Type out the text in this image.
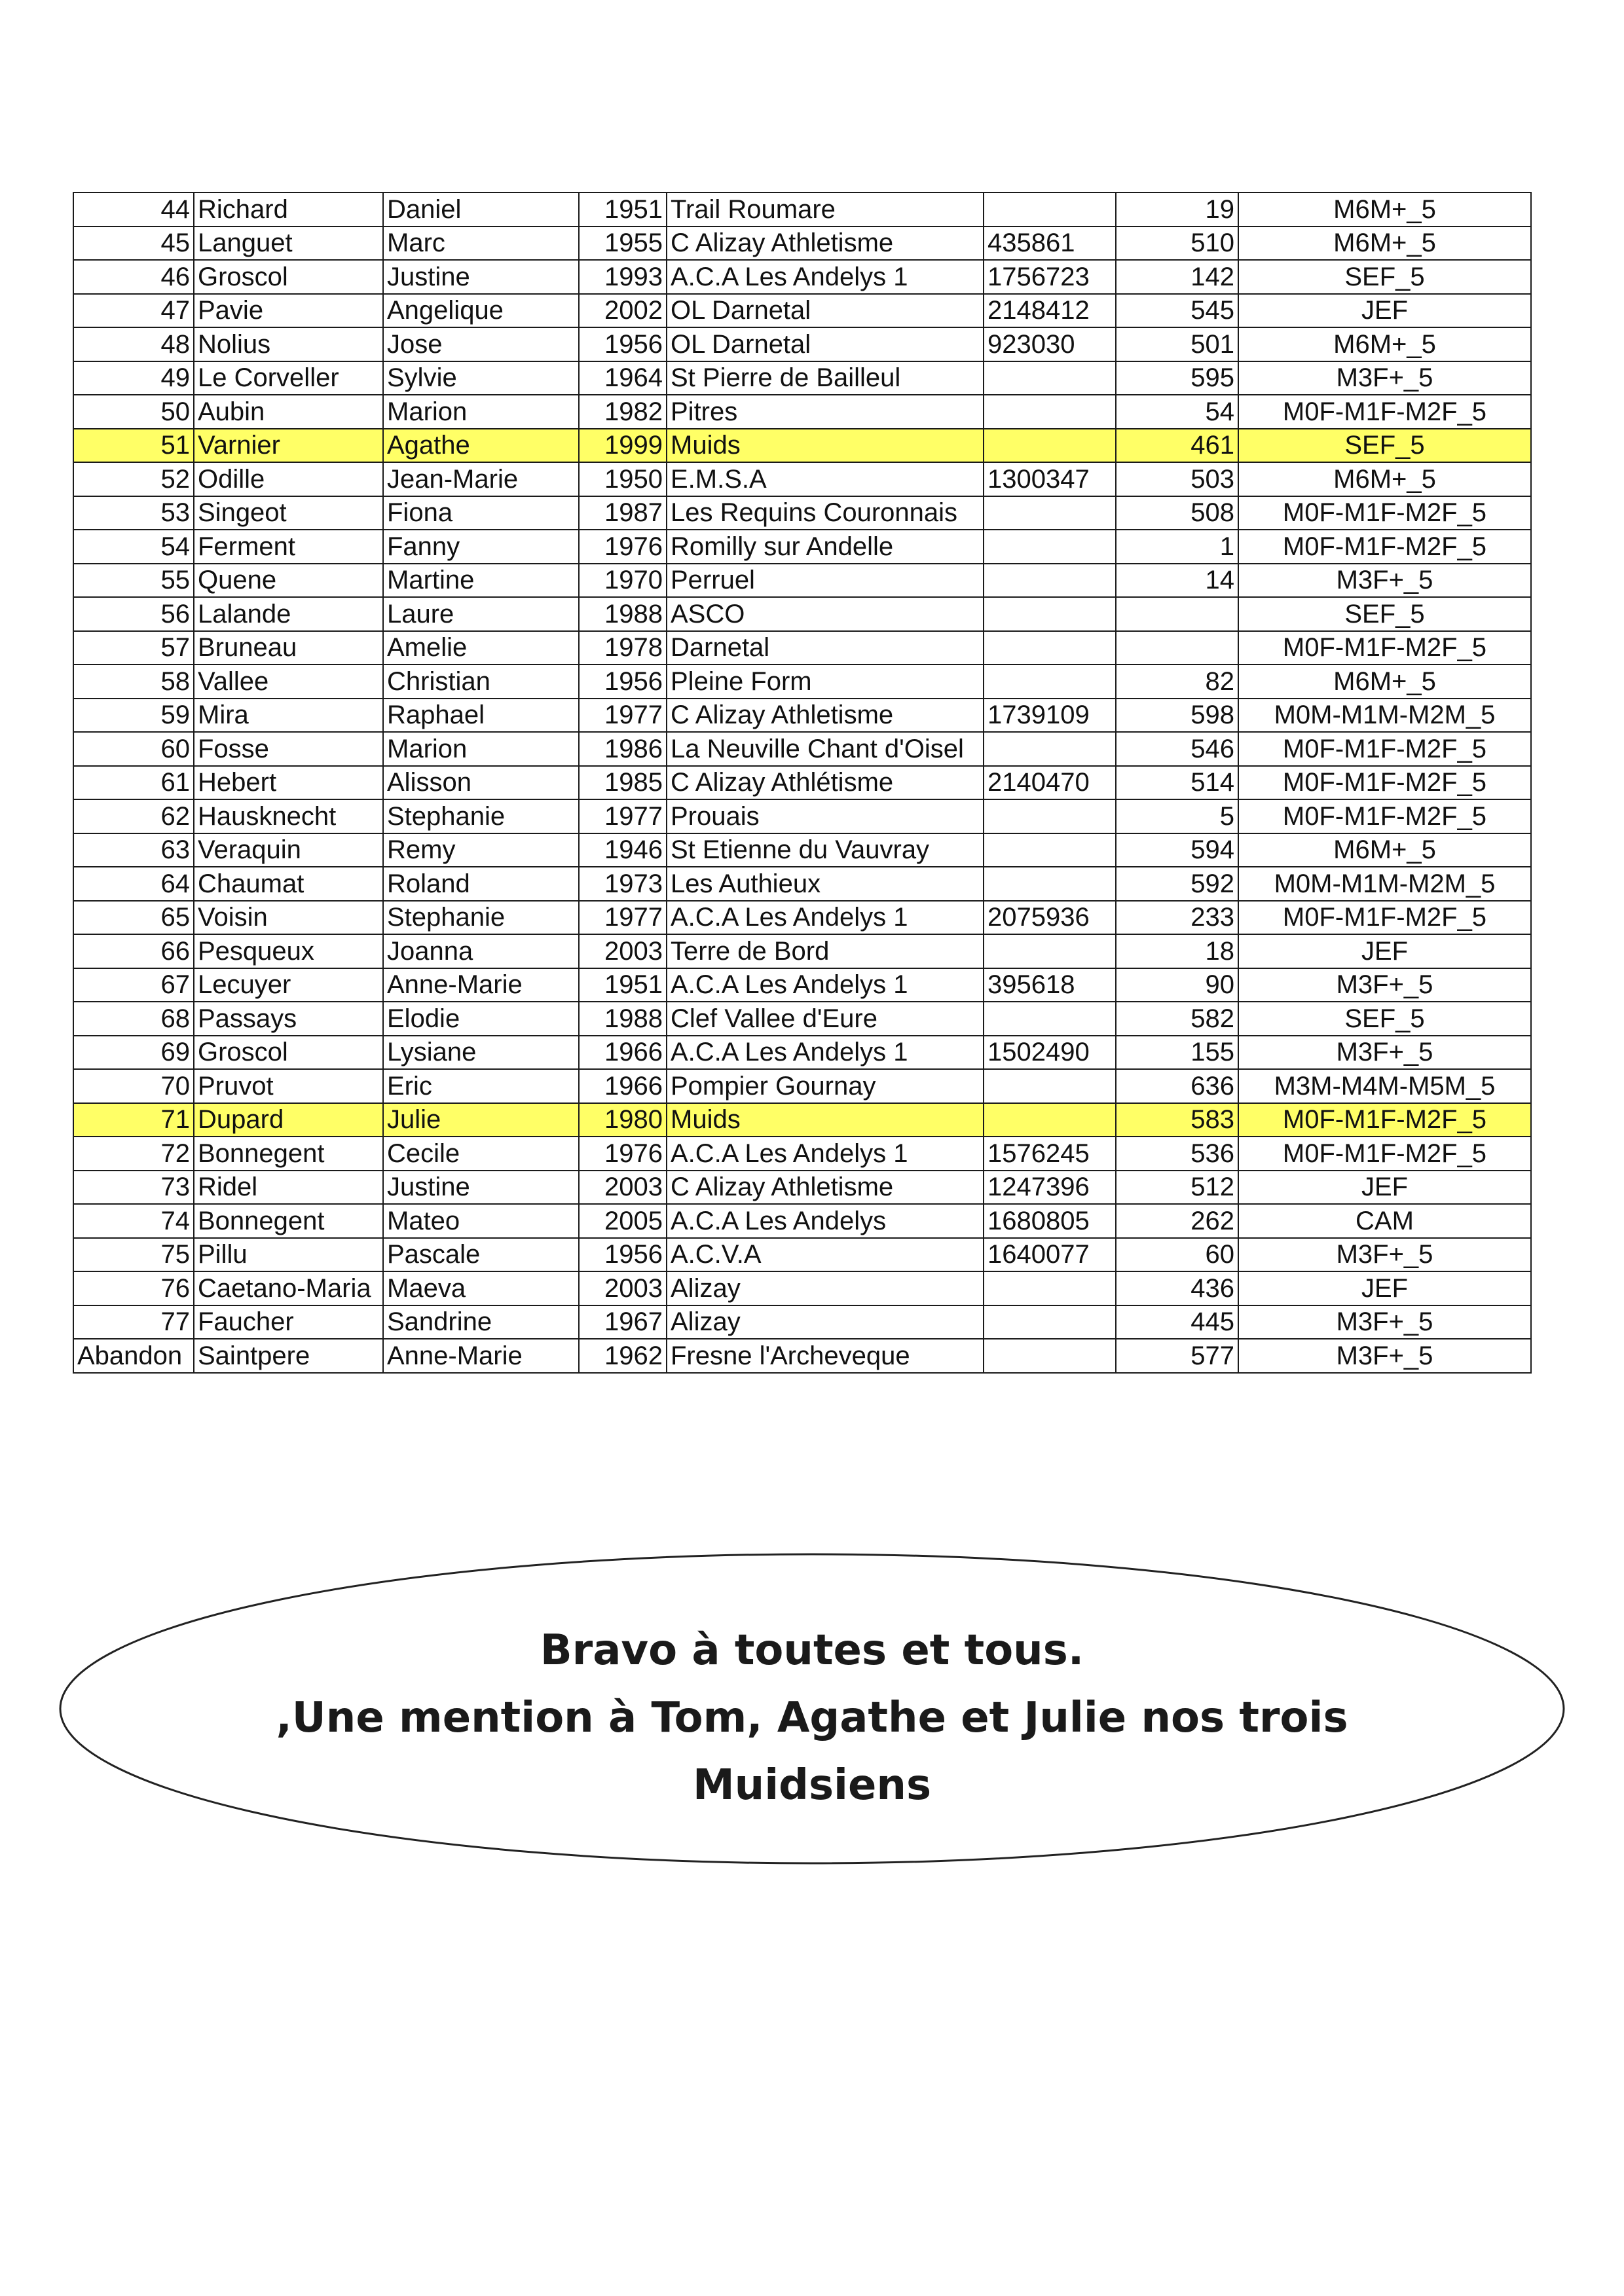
44	Richard	Daniel	1951	Trail Roumare		19	M6M+_5
45	Languet	Marc	1955	C Alizay Athletisme	435861	510	M6M+_5
46	Groscol	Justine	1993	A.C.A Les Andelys 1	1756723	142	SEF_5
47	Pavie	Angelique	2002	OL Darnetal	2148412	545	JEF
48	Nolius	Jose	1956	OL Darnetal	923030	501	M6M+_5
49	Le Corveller	Sylvie	1964	St Pierre de Bailleul		595	M3F+_5
50	Aubin	Marion	1982	Pitres		54	M0F-M1F-M2F_5
51	Varnier	Agathe	1999	Muids		461	SEF_5
52	Odille	Jean-Marie	1950	E.M.S.A	1300347	503	M6M+_5
53	Singeot	Fiona	1987	Les Requins Couronnais		508	M0F-M1F-M2F_5
54	Ferment	Fanny	1976	Romilly sur Andelle		1	M0F-M1F-M2F_5
55	Quene	Martine	1970	Perruel		14	M3F+_5
56	Lalande	Laure	1988	ASCO			SEF_5
57	Bruneau	Amelie	1978	Darnetal			M0F-M1F-M2F_5
58	Vallee	Christian	1956	Pleine Form		82	M6M+_5
59	Mira	Raphael	1977	C Alizay Athletisme	1739109	598	M0M-M1M-M2M_5
60	Fosse	Marion	1986	La Neuville Chant d'Oisel		546	M0F-M1F-M2F_5
61	Hebert	Alisson	1985	C Alizay Athlétisme	2140470	514	M0F-M1F-M2F_5
62	Hausknecht	Stephanie	1977	Prouais		5	M0F-M1F-M2F_5
63	Veraquin	Remy	1946	St Etienne du Vauvray		594	M6M+_5
64	Chaumat	Roland	1973	Les Authieux		592	M0M-M1M-M2M_5
65	Voisin	Stephanie	1977	A.C.A Les Andelys 1	2075936	233	M0F-M1F-M2F_5
66	Pesqueux	Joanna	2003	Terre de Bord		18	JEF
67	Lecuyer	Anne-Marie	1951	A.C.A Les Andelys 1	395618	90	M3F+_5
68	Passays	Elodie	1988	Clef Vallee d'Eure		582	SEF_5
69	Groscol	Lysiane	1966	A.C.A Les Andelys 1	1502490	155	M3F+_5
70	Pruvot	Eric	1966	Pompier Gournay		636	M3M-M4M-M5M_5
71	Dupard	Julie	1980	Muids		583	M0F-M1F-M2F_5
72	Bonnegent	Cecile	1976	A.C.A Les Andelys 1	1576245	536	M0F-M1F-M2F_5
73	Ridel	Justine	2003	C Alizay Athletisme	1247396	512	JEF
74	Bonnegent	Mateo	2005	A.C.A Les Andelys	1680805	262	CAM
75	Pillu	Pascale	1956	A.C.V.A	1640077	60	M3F+_5
76	Caetano-Maria	Maeva	2003	Alizay		436	JEF
77	Faucher	Sandrine	1967	Alizay		445	M3F+_5
Abandon	Saintpere	Anne-Marie	1962	Fresne l'Archeveque		577	M3F+_5
Bravo à toutes et tous.
,Une mention à Tom, Agathe et Julie nos trois
Muidsiens
